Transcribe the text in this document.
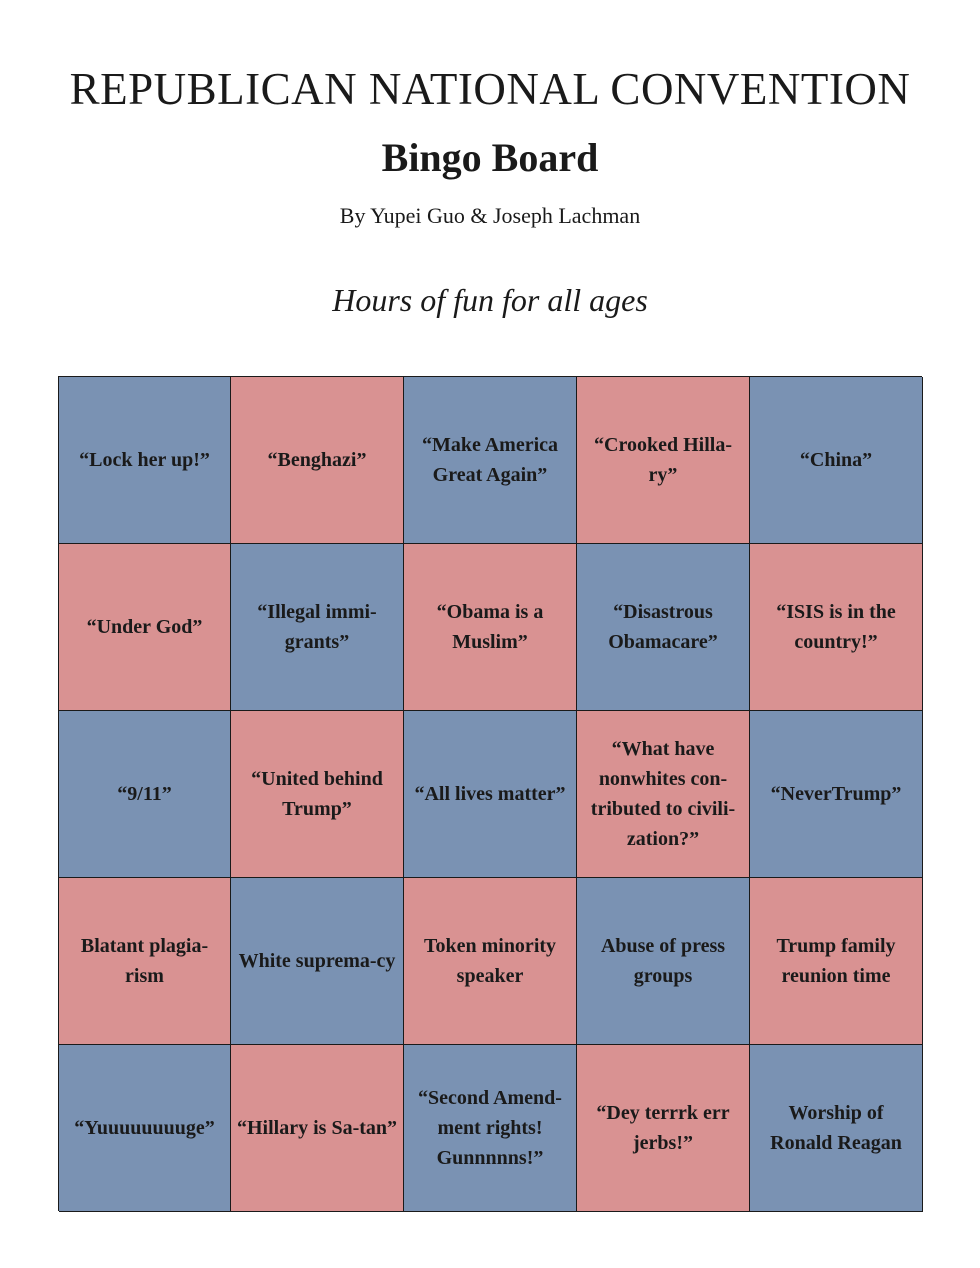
REPUBLICAN NATIONAL CONVENTION
Bingo Board
By Yupei Guo & Joseph Lachman
Hours of fun for all ages
“Lock her up!”	“Benghazi”
“Make America Great Again”
“Crooked Hilla-ry”
“China”
“Under God”
“Illegal immi-grants”
“Obama is a Muslim”
“Disastrous Obamacare”
“ISIS is in the country!”
“9/11”
“United behind Trump”
“All lives matter”
“What have nonwhites con-tributed to civili-zation?”
“NeverTrump”
Blatant plagia-rism
White suprema-cy
Token minority speaker
Abuse of press groups
Trump family reunion time
“Yuuuuuuuuge” “Hillary is Sa-tan”
“Second Amend-ment rights! Gunnnnns!”
“Dey terrrk err jerbs!”
Worship of Ronald Reagan
